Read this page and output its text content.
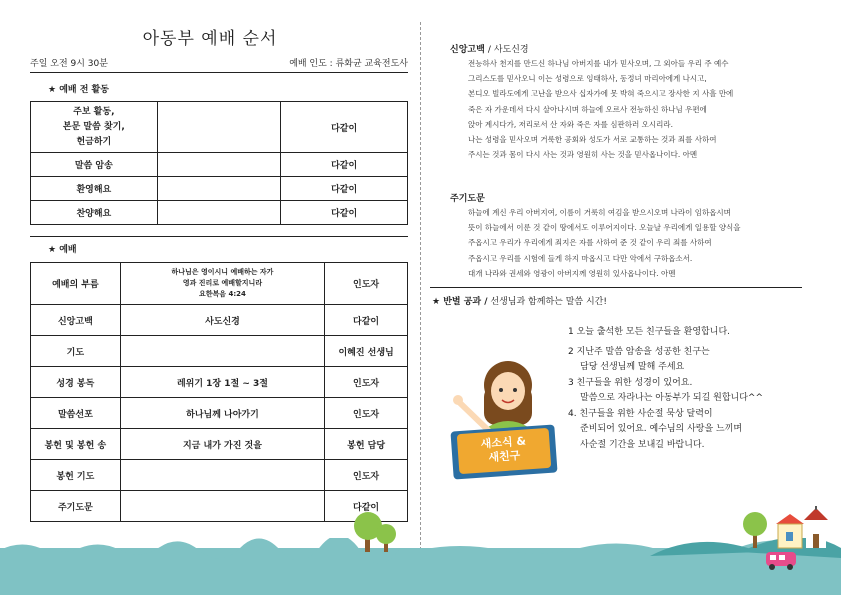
아동부 예배 순서
주일 오전 9시 30분	예배 인도 : 류화균 교육전도사
★ 예배 전 활동
주보 활동,
본문 말씀 찾기,
헌금하기		다같이
말씀 암송		다같이
환영해요		다같이
찬양해요		다같이
★ 예배
예배의 부름	하나님은 영이시니 예배하는 자가
영과 진리로 예배할지니라
요한복음 4:24	인도자
신앙고백	사도신경	다같이
기도		이혜진 선생님
성경 봉독	레위기 1장 1절 ~ 3절	인도자
말씀선포	하나님께 나아가기	인도자
봉헌 및 봉헌 송	지금 내가 가진 것을	봉헌 담당
봉헌 기도		인도자
주기도문		다같이
신앙고백 / 사도신경
전능하사 천지를 만드신 하나님 아버지를 내가 믿사오며, 그 외아들 우리 주 예수
그리스도를 믿사오니 이는 성령으로 잉태하사, 동정녀 마리아에게 나시고,
본디오 빌라도에게 고난을 받으사 십자가에 못 박혀 죽으시고 장사한 지 사흘 만에
죽은 자 가운데서 다시 살아나시며 하늘에 오르사 전능하신 하나님 우편에
앉아 계시다가, 저리로서 산 자와 죽은 자를 심판하러 오시리라.
나는 성령을 믿사오며 거룩한 공회와 성도가 서로 교통하는 것과 죄를 사하여
주시는 것과 몸이 다시 사는 것과 영원히 사는 것을 믿사옵나이다. 아멘
주기도문
하늘에 계신 우리 아버지여, 이름이 거룩히 여김을 받으시오며 나라이 임하옵시며
뜻이 하늘에서 이룬 것 같이 땅에서도 이루어지이다. 오늘날 우리에게 일용할 양식을
주옵시고 우리가 우리에게 죄지은 자를 사하여 준 것 같이 우리 죄를 사하여
주옵시고 우리를 시험에 들게 하지 마옵시고 다만 악에서 구하옵소서.
대개 나라와 권세와 영광이 아버지께 영원히 있사옵나이다. 아멘
★ 반별 공과 / 선생님과 함께하는 말씀 시간!
새소식 &
새친구
1 오늘 출석한 모든 친구들을 환영합니다.
2 지난주 말씀 암송을 성공한 친구는
담당 선생님께 말해 주세요
3 친구들을 위한 성경이 있어요.
말씀으로 자라나는 아동부가 되길 원합니다^^
4. 친구들을 위한 사순절 묵상 달력이
준비되어 있어요. 예수님의 사랑을 느끼며
사순절 기간을 보내길 바랍니다.
